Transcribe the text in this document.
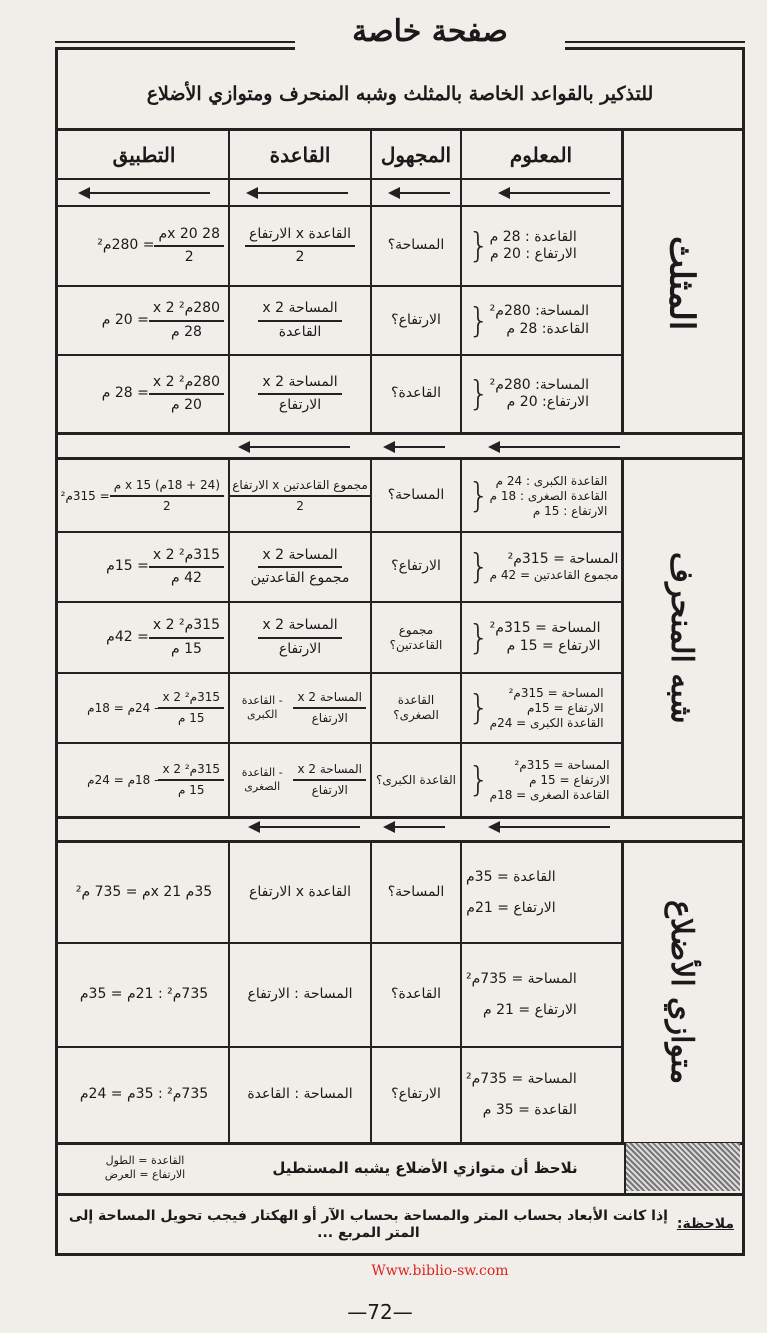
صفحة خاصة
للتذكير بالقواعد الخاصة بالمثلث وشبه المنحرف ومتوازي الأضلاع
المعلوم
المجهول
القاعدة
التطبيق
المثلث
القاعدة : 28 م
الارتفاع : 20 م
{
المساحة؟
$\frac{\text{القاعدة x الارتفاع}}{2}$
$\frac{\text{28 x 20م}}{2}$
= 280م²
المساحة: 280م²
القاعدة: 28 م
{
الارتفاع؟
$\frac{\text{المساحة x 2}}{\text{القاعدة}}$
$\frac{\text{280م² x 2}}{\text{28 م}}$
= 20 م
المساحة: 280م²
الارتفاع: 20 م
{
القاعدة؟
$\frac{\text{المساحة x 2}}{\text{الارتفاع}}$
$\frac{\text{280م² x 2}}{\text{20 م}}$
= 28 م
شبه المنحرف
القاعدة الكبرى : 24 م
القاعدة الصغرى : 18 م
الارتفاع : 15 م
{
المساحة؟
$\frac{\text{مجموع القاعدتين x الارتفاع}}{2}$
$\frac{\text{(24 + 18م) x 15 م}}{2}$
= 315م²
المساحة = 315م²
مجموع القاعدتين = 42 م
{
الارتفاع؟
$\frac{\text{المساحة x 2}}{\text{مجموع القاعدتين}}$
$\frac{\text{315م² x 2}}{\text{42 م}}$
= 15م
المساحة = 315م²
الارتفاع = 15 م
{
مجموع القاعدتين؟
$\frac{\text{المساحة x 2}}{\text{الارتفاع}}$
$\frac{\text{315م² x 2}}{\text{15 م}}$
= 42م
المساحة = 315م²
الارتفاع = 15م
القاعدة الكبرى = 24م
{
القاعدة الصغرى؟
$\frac{\text{المساحة x 2}}{\text{الارتفاع}}$
- القاعدة الكبرى
$\frac{\text{315م² x 2}}{\text{15 م}}$
- 24م = 18م
المساحة = 315م²
الارتفاع = 15 م
القاعدة الصغرى = 18م
{
القاعدة الكبرى؟
$\frac{\text{المساحة x 2}}{\text{الارتفاع}}$
- القاعدة الصغرى
$\frac{\text{315م² x 2}}{\text{15 م}}$
- 18م = 24م
متوازي الأضلاع
القاعدة = 35م
الارتفاع = 21م
المساحة؟
القاعدة x الارتفاع
35م x 21م = 735 م²
المساحة = 735م²
الارتفاع = 21 م
القاعدة؟
المساحة : الارتفاع
735م² : 21م = 35م
المساحة = 735م²
القاعدة = 35 م
الارتفاع؟
المساحة : القاعدة
735م² : 35م = 24م
نلاحظ أن متوازي الأضلاع يشبه المستطيل
القاعدة = الطول
الارتفاع = العرض
ملاحظة:
إذا كانت الأبعاد بحساب المتر والمساحة بحساب الآر أو الهكتار فيجب تحويل المساحة إلى المتر المربع ...
Www.biblio-sw.com
—72—
